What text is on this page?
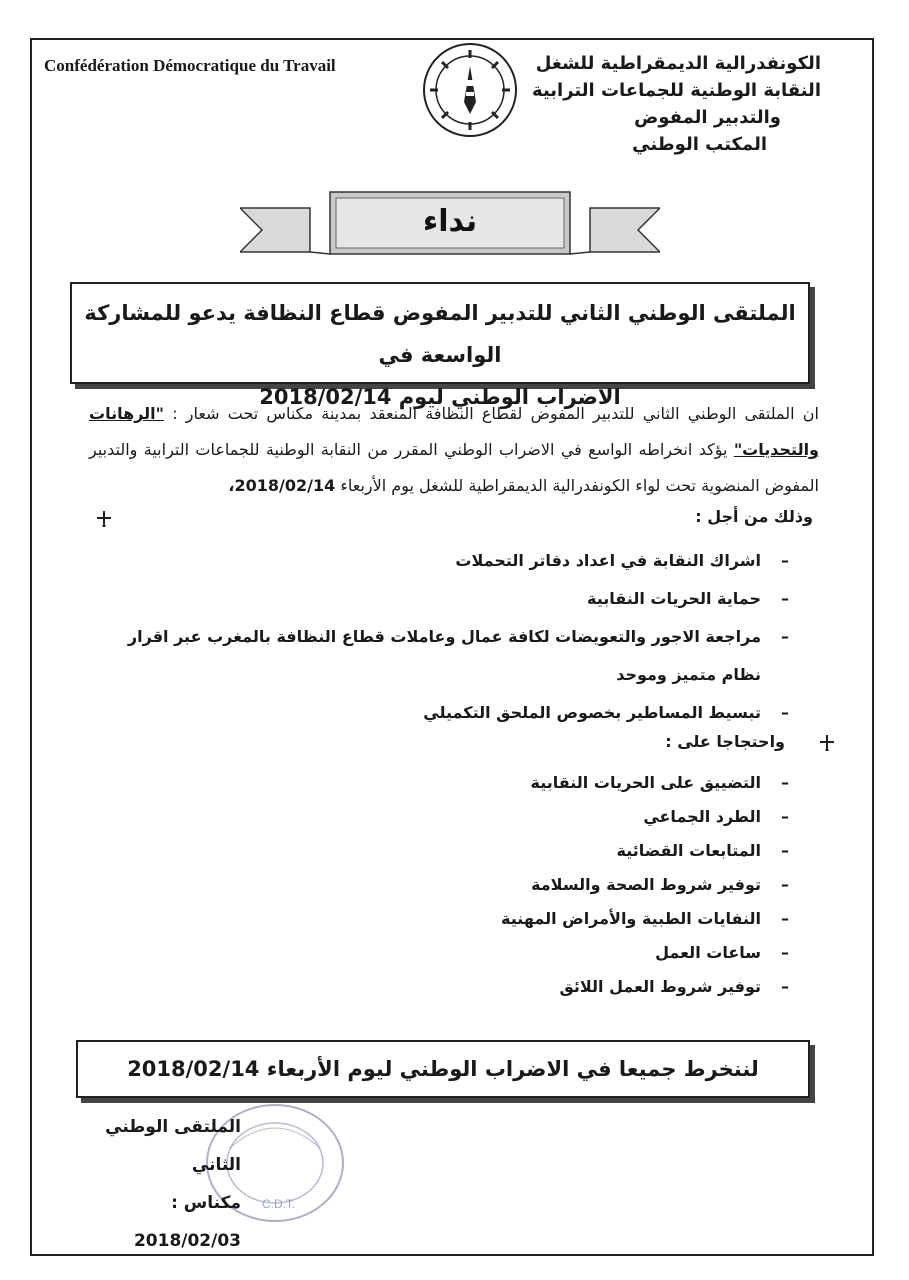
Confédération Démocratique du Travail	الكونفدرالية الديمقراطية للشغل
النقابة الوطنية للجماعات الترابية
والتدبير المفوض
المكتب الوطني
نداء
الملتقى الوطني الثاني للتدبير المفوض قطاع النظافة يدعو للمشاركة الواسعة في
الاضراب الوطني ليوم 2018/02/14
ان الملتقى الوطني الثاني للتدبير المفوض لقطاع النظافة المنعقد بمدينة مكناس تحت شعار : "الرهانات والتحديات" يؤكد انخراطه الواسع في الاضراب الوطني المقرر من النقابة الوطنية للجماعات الترابية والتدبير المفوض المنضوية تحت لواء الكونفدرالية الديمقراطية للشغل يوم الأربعاء 2018/02/14،
وذلك من أجل :
–
اشراك النقابة في اعداد دفاتر التحملات
–
حماية الحريات النقابية
–
مراجعة الاجور والتعويضات لكافة عمال وعاملات قطاع النظافة بالمغرب عبر اقرار نظام متميز وموحد
–
تبسيط المساطير بخصوص الملحق التكميلي
واحتجاجا على :
–
التضييق على الحريات النقابية
–
الطرد الجماعي
–
المتابعات القضائية
–
توفير شروط الصحة والسلامة
–
النفايات الطبية والأمراض المهنية
–
ساعات العمل
–
توفير شروط العمل اللائق
لننخرط جميعا في الاضراب الوطني ليوم الأربعاء 2018/02/14
C.D.T.
الملتقى الوطني الثاني
مكناس : 2018/02/03
